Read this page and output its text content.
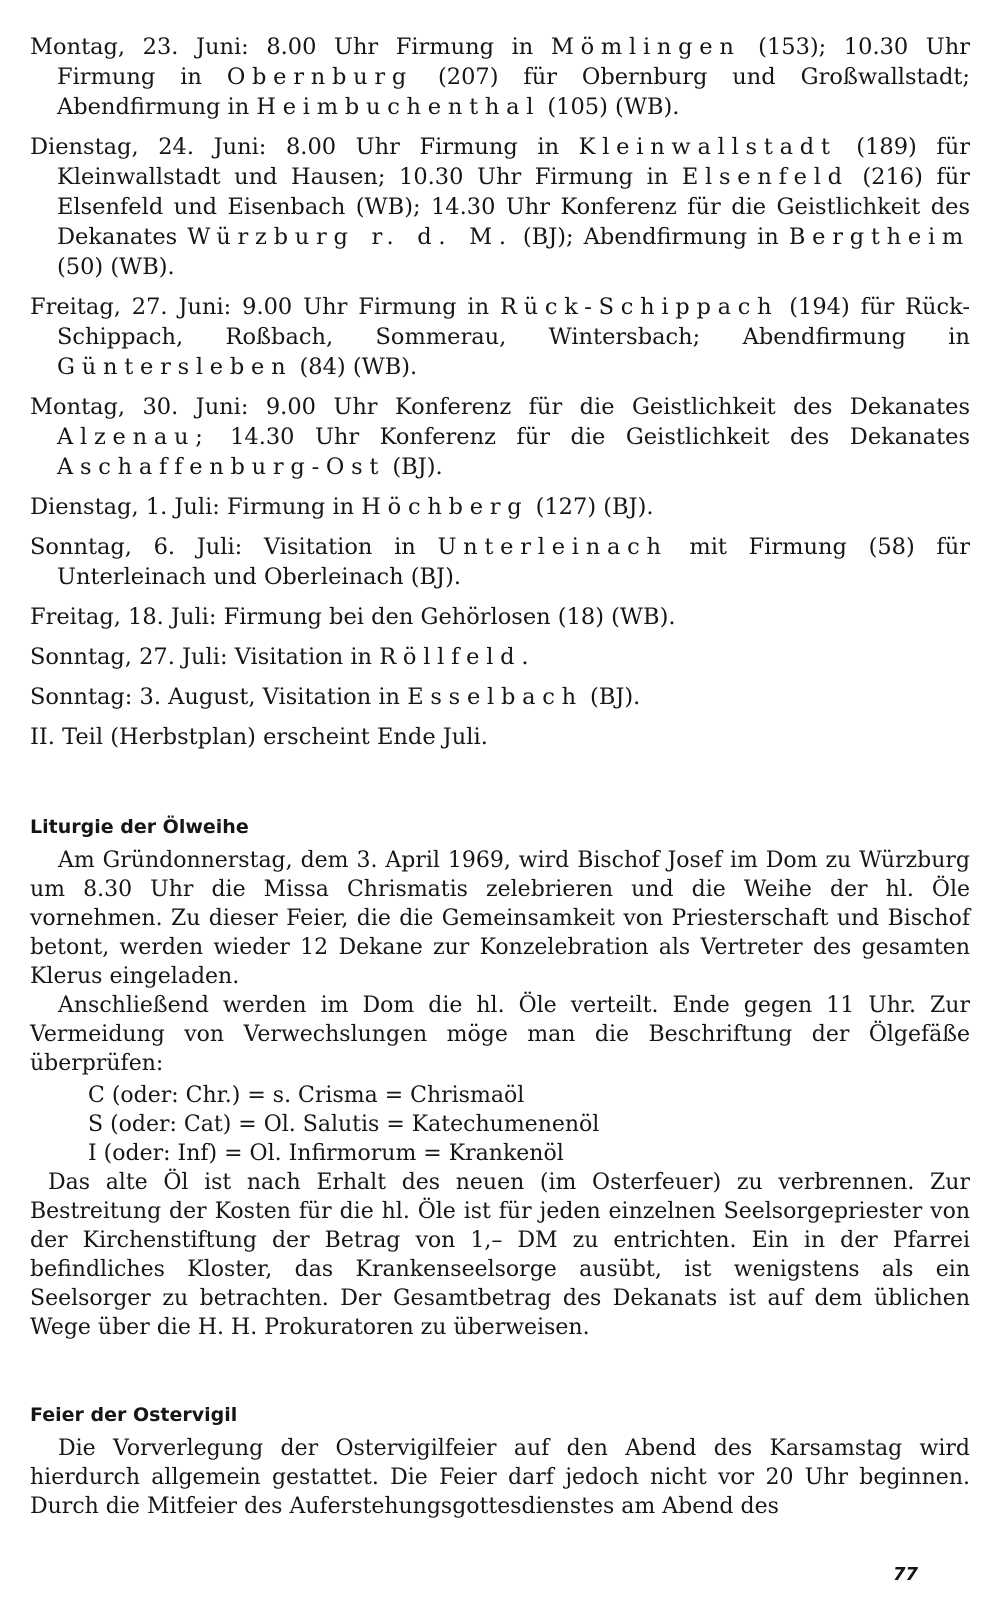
Montag, 23. Juni: 8.00 Uhr Firmung in Mömlingen (153); 10.30 Uhr Firmung in Obernburg (207) für Obernburg und Großwallstadt; Abendfirmung in Heimbuchenthal (105) (WB).

Dienstag, 24. Juni: 8.00 Uhr Firmung in Kleinwallstadt (189) für Kleinwallstadt und Hausen; 10.30 Uhr Firmung in Elsenfeld (216) für Elsenfeld und Eisenbach (WB); 14.30 Uhr Konferenz für die Geistlichkeit des Dekanates Würzburg r. d. M. (BJ); Abendfirmung in Bergtheim (50) (WB).

Freitag, 27. Juni: 9.00 Uhr Firmung in Rück-Schippach (194) für Rück-Schippach, Roßbach, Sommerau, Wintersbach; Abendfirmung in Güntersleben (84) (WB).

Montag, 30. Juni: 9.00 Uhr Konferenz für die Geistlichkeit des Dekanates Alzenau; 14.30 Uhr Konferenz für die Geistlichkeit des Dekanates Aschaffenburg-Ost (BJ).

Dienstag, 1. Juli: Firmung in Höchberg (127) (BJ).

Sonntag, 6. Juli: Visitation in Unterleinach mit Firmung (58) für Unterleinach und Oberleinach (BJ).

Freitag, 18. Juli: Firmung bei den Gehörlosen (18) (WB).

Sonntag, 27. Juli: Visitation in Röllfeld.

Sonntag: 3. August, Visitation in Esselbach (BJ).

II. Teil (Herbstplan) erscheint Ende Juli.

Liturgie der Ölweihe

Am Gründonnerstag, dem 3. April 1969, wird Bischof Josef im Dom zu Würzburg um 8.30 Uhr die Missa Chrismatis zelebrieren und die Weihe der hl. Öle vornehmen. Zu dieser Feier, die die Gemeinsamkeit von Priesterschaft und Bischof betont, werden wieder 12 Dekane zur Konzelebration als Vertreter des gesamten Klerus eingeladen.

Anschließend werden im Dom die hl. Öle verteilt. Ende gegen 11 Uhr. Zur Vermeidung von Verwechslungen möge man die Beschriftung der Ölgefäße überprüfen:

C (oder: Chr.) = s. Crisma = Chrismaöl
S (oder: Cat) = Ol. Salutis = Katechumenenöl
I (oder: Inf) = Ol. Infirmorum = Krankenöl

Das alte Öl ist nach Erhalt des neuen (im Osterfeuer) zu verbrennen. Zur Bestreitung der Kosten für die hl. Öle ist für jeden einzelnen Seelsorgepriester von der Kirchenstiftung der Betrag von 1,– DM zu entrichten. Ein in der Pfarrei befindliches Kloster, das Krankenseelsorge ausübt, ist wenigstens als ein Seelsorger zu betrachten. Der Gesamtbetrag des Dekanats ist auf dem üblichen Wege über die H. H. Prokuratoren zu überweisen.

Feier der Ostervigil

Die Vorverlegung der Ostervigilfeier auf den Abend des Karsamstag wird hierdurch allgemein gestattet. Die Feier darf jedoch nicht vor 20 Uhr beginnen. Durch die Mitfeier des Auferstehungsgottesdienstes am Abend des

77
